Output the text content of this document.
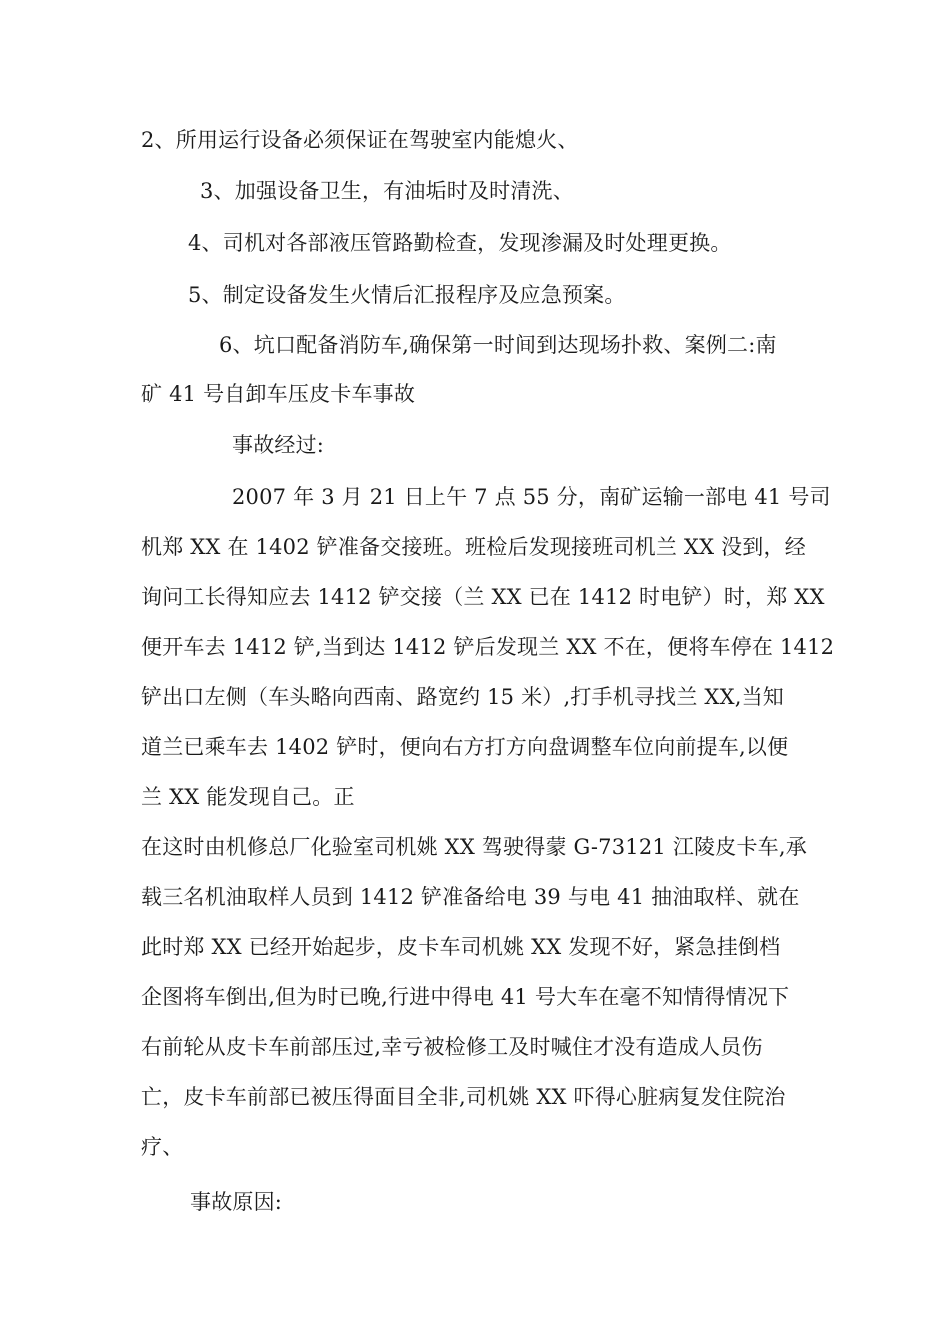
2、所用运行设备必须保证在驾驶室内能熄火、
3、加强设备卫生，有油垢时及时清洗、
4、司机对各部液压管路勤检查，发现渗漏及时处理更换。
5、制定设备发生火情后汇报程序及应急预案。
6、坑口配备消防车,确保第一时间到达现场扑救、案例二:南
矿 41 号自卸车压皮卡车事故
事故经过:
2007 年 3 月 21 日上午 7 点 55 分，南矿运输一部电 41 号司
机郑 XX 在 1402 铲准备交接班。班检后发现接班司机兰 XX 没到，经
询问工长得知应去 1412 铲交接（兰 XX 已在 1412 时电铲）时，郑 XX
便开车去 1412 铲,当到达 1412 铲后发现兰 XX 不在，便将车停在 1412
铲出口左侧（车头略向西南、路宽约 15 米）,打手机寻找兰 XX,当知
道兰已乘车去 1402 铲时，便向右方打方向盘调整车位向前提车,以便
兰 XX 能发现自己。正
在这时由机修总厂化验室司机姚 XX 驾驶得蒙 G-73121 江陵皮卡车,承
载三名机油取样人员到 1412 铲准备给电 39 与电 41 抽油取样、就在
此时郑 XX 已经开始起步，皮卡车司机姚 XX 发现不好，紧急挂倒档
企图将车倒出,但为时已晚,行进中得电 41 号大车在毫不知情得情况下
右前轮从皮卡车前部压过,幸亏被检修工及时喊住才没有造成人员伤
亡，皮卡车前部已被压得面目全非,司机姚 XX 吓得心脏病复发住院治
疗、
事故原因:
